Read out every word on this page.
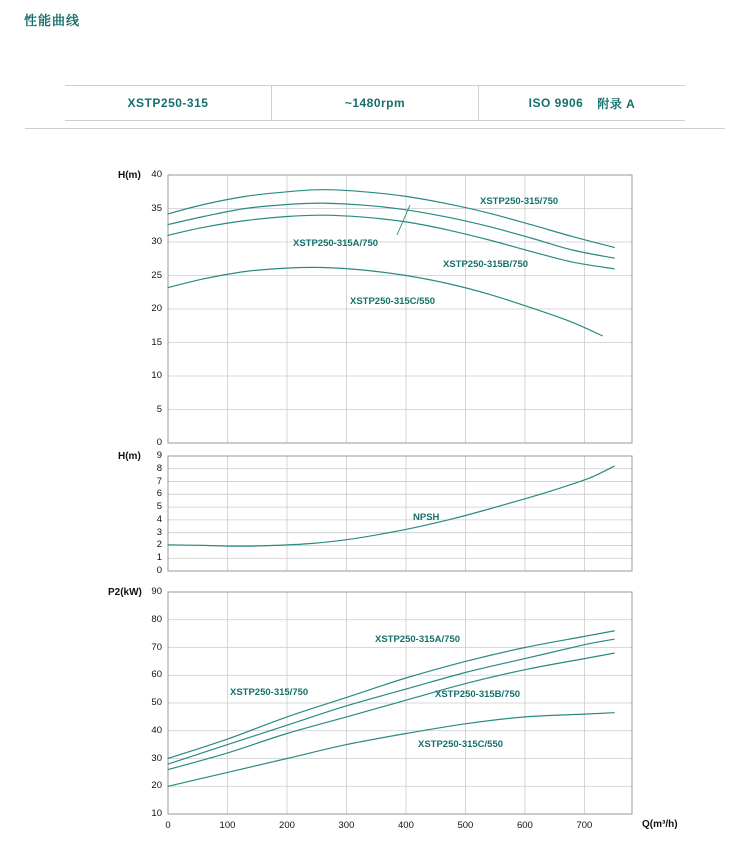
性能曲线
XSTP250-315	~1480rpm	ISO 9906 附录 A
0
5
10
15
20
25
30
35
40
H(m)
XSTP250-315/750
XSTP250-315A/750
XSTP250-315B/750
XSTP250-315C/550
0
1
2
3
4
5
6
7
8
9
H(m)
NPSH
10
20
30
40
50
60
70
80
90
P2(kW)
0	100	200	300	400	500	600	700	Q(m³/h)
XSTP250-315A/750
XSTP250-315/750	XSTP250-315B/750
XSTP250-315C/550
